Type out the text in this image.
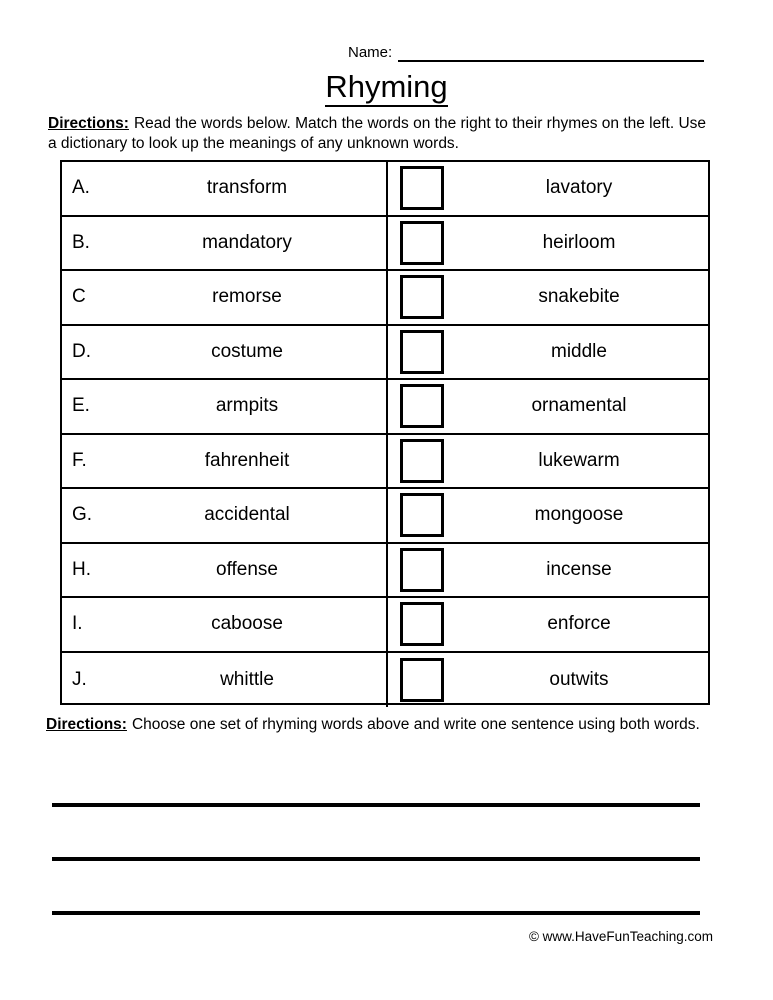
Name:
Rhyming
Directions: Read the words below. Match the words on the right to their rhymes on the left. Use a dictionary to look up the meanings of any unknown words.
A.	transform	lavatory
B.	mandatory	heirloom
C	remorse	snakebite
D.	costume	middle
E.	armpits	ornamental
F.	fahrenheit	lukewarm
G.	accidental	mongoose
H.	offense	incense
I.	caboose	enforce
J.	whittle	outwits
Directions: Choose one set of rhyming words above and write one sentence using both words.
© www.HaveFunTeaching.com
